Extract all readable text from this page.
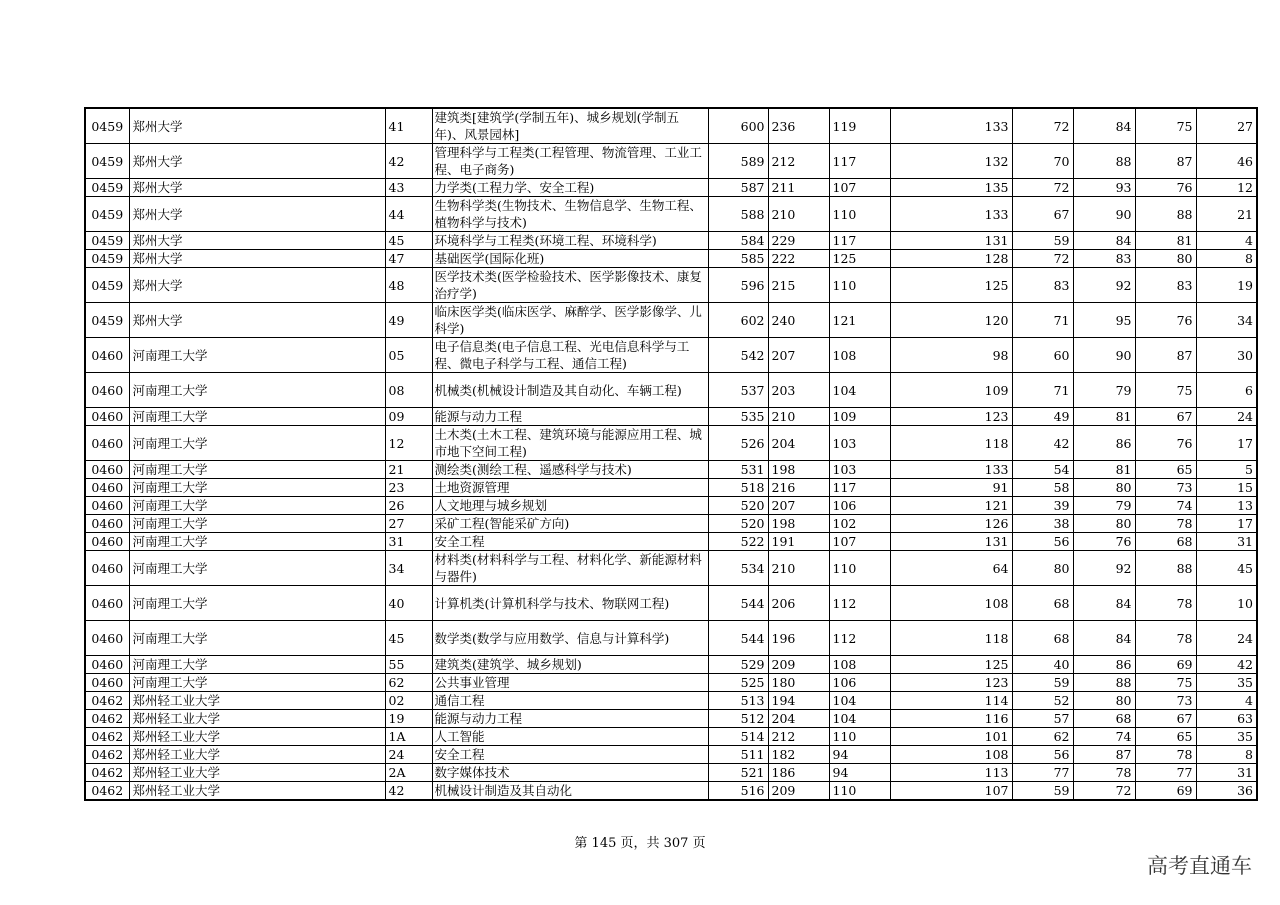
0459	郑州大学	41	建筑类[建筑学(学制五年)、城乡规划(学制五年)、风景园林]	600	236	119	133	72	84	75	27
0459	郑州大学	42	管理科学与工程类(工程管理、物流管理、工业工程、电子商务)	589	212	117	132	70	88	87	46
0459	郑州大学	43	力学类(工程力学、安全工程)	587	211	107	135	72	93	76	12
0459	郑州大学	44	生物科学类(生物技术、生物信息学、生物工程、植物科学与技术)	588	210	110	133	67	90	88	21
0459	郑州大学	45	环境科学与工程类(环境工程、环境科学)	584	229	117	131	59	84	81	4
0459	郑州大学	47	基础医学(国际化班)	585	222	125	128	72	83	80	8
0459	郑州大学	48	医学技术类(医学检验技术、医学影像技术、康复治疗学)	596	215	110	125	83	92	83	19
0459	郑州大学	49	临床医学类(临床医学、麻醉学、医学影像学、儿科学)	602	240	121	120	71	95	76	34
0460	河南理工大学	05	电子信息类(电子信息工程、光电信息科学与工程、微电子科学与工程、通信工程)	542	207	108	98	60	90	87	30
0460	河南理工大学	08	机械类(机械设计制造及其自动化、车辆工程)	537	203	104	109	71	79	75	6
0460	河南理工大学	09	能源与动力工程	535	210	109	123	49	81	67	24
0460	河南理工大学	12	土木类(土木工程、建筑环境与能源应用工程、城市地下空间工程)	526	204	103	118	42	86	76	17
0460	河南理工大学	21	测绘类(测绘工程、遥感科学与技术)	531	198	103	133	54	81	65	5
0460	河南理工大学	23	土地资源管理	518	216	117	91	58	80	73	15
0460	河南理工大学	26	人文地理与城乡规划	520	207	106	121	39	79	74	13
0460	河南理工大学	27	采矿工程(智能采矿方向)	520	198	102	126	38	80	78	17
0460	河南理工大学	31	安全工程	522	191	107	131	56	76	68	31
0460	河南理工大学	34	材料类(材料科学与工程、材料化学、新能源材料与器件)	534	210	110	64	80	92	88	45
0460	河南理工大学	40	计算机类(计算机科学与技术、物联网工程)	544	206	112	108	68	84	78	10
0460	河南理工大学	45	数学类(数学与应用数学、信息与计算科学)	544	196	112	118	68	84	78	24
0460	河南理工大学	55	建筑类(建筑学、城乡规划)	529	209	108	125	40	86	69	42
0460	河南理工大学	62	公共事业管理	525	180	106	123	59	88	75	35
0462	郑州轻工业大学	02	通信工程	513	194	104	114	52	80	73	4
0462	郑州轻工业大学	19	能源与动力工程	512	204	104	116	57	68	67	63
0462	郑州轻工业大学	1A	人工智能	514	212	110	101	62	74	65	35
0462	郑州轻工业大学	24	安全工程	511	182	94	108	56	87	78	8
0462	郑州轻工业大学	2A	数字媒体技术	521	186	94	113	77	78	77	31
0462	郑州轻工业大学	42	机械设计制造及其自动化	516	209	110	107	59	72	69	36
第 145 页，共 307 页
高考直通车
